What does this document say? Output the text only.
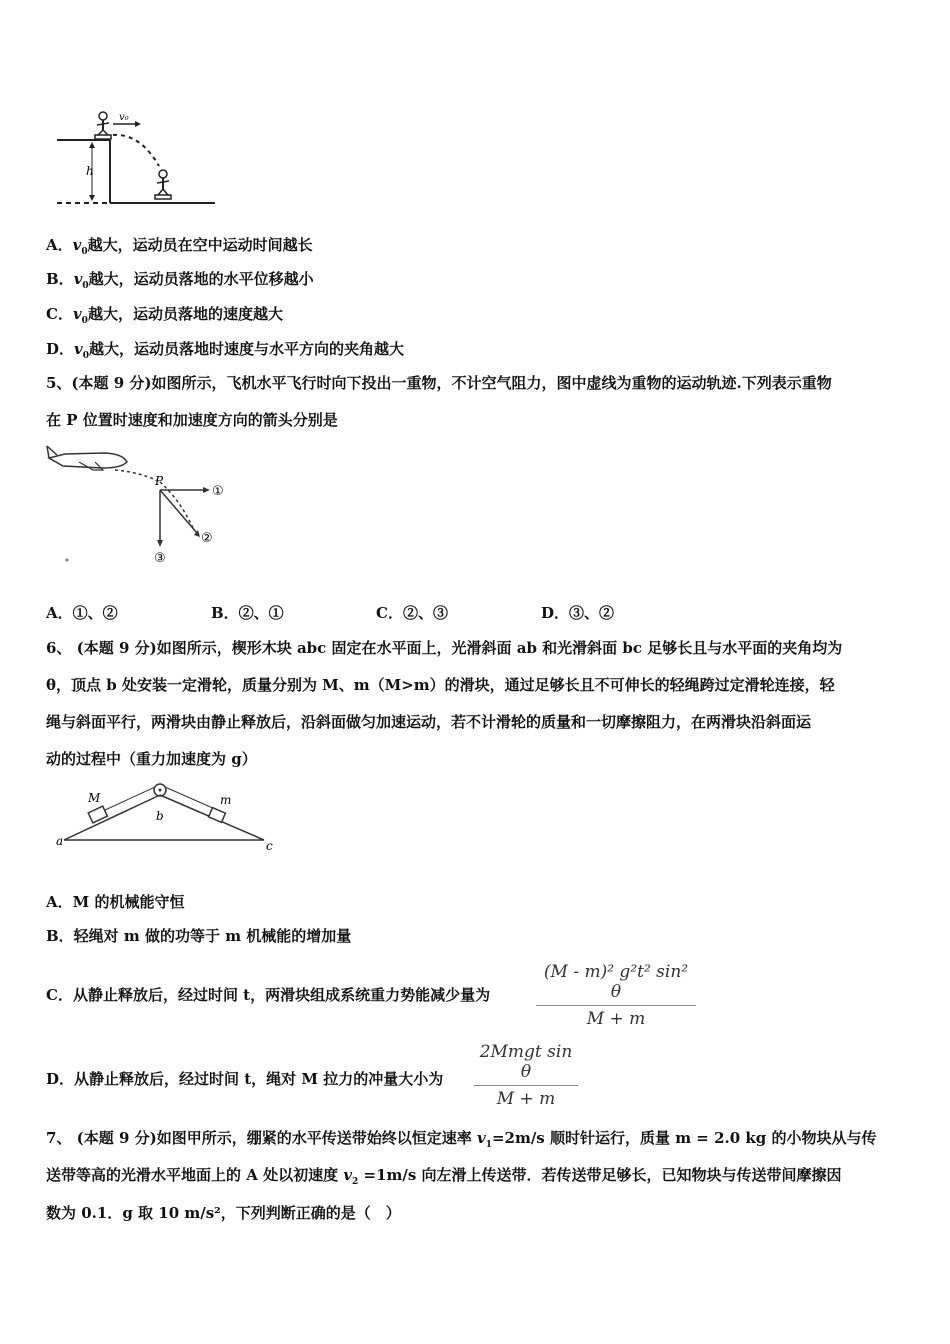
h
v₀
A．$v_0$越大，运动员在空中运动时间越长
B．$v_0$越大，运动员落地的水平位移越小
C．$v_0$越大，运动员落地的速度越大
D．$v_0$越大，运动员落地时速度与水平方向的夹角越大
5、(本题 9 分)如图所示，飞机水平飞行时向下投出一重物，不计空气阻力，图中虚线为重物的运动轨迹.下列表示重物
在 P 位置时速度和加速度方向的箭头分别是
P
①
②
③
A．①、②	B．②、①	C．②、③	D．③、②
6、 (本题 9 分)如图所示，楔形木块 abc 固定在水平面上，光滑斜面 ab 和光滑斜面 bc 足够长且与水平面的夹角均为
θ，顶点 b 处安装一定滑轮，质量分别为 M、m（M>m）的滑块，通过足够长且不可伸长的轻绳跨过定滑轮连接，轻
绳与斜面平行，两滑块由静止释放后，沿斜面做匀加速运动，若不计滑轮的质量和一切摩擦阻力，在两滑块沿斜面运
动的过程中（重力加速度为 g）
M	m
a
b
c
A．M 的机械能守恒
B．轻绳对 m 做的功等于 m 机械能的增加量
C．从静止释放后，经过时间 t，两滑块组成系统重力势能减少量为	$\frac{\text{(M - m)² g²t² sin² θ}}{M + m}$
D．从静止释放后，经过时间 t，绳对 M 拉力的冲量大小为
2Mmgt sin θ
M + m
7、 (本题 9 分)如图甲所示，绷紧的水平传送带始终以恒定速率 $v_1=2m/s$ 顺时针运行，质量 m = 2.0 kg 的小物块从与传
送带等高的光滑水平地面上的 A 处以初速度 $v_2 =1m/s$ 向左滑上传送带．若传送带足够长，已知物块与传送带间摩擦因
数为 0.1．g 取 10 m/s²，下列判断正确的是（　）
